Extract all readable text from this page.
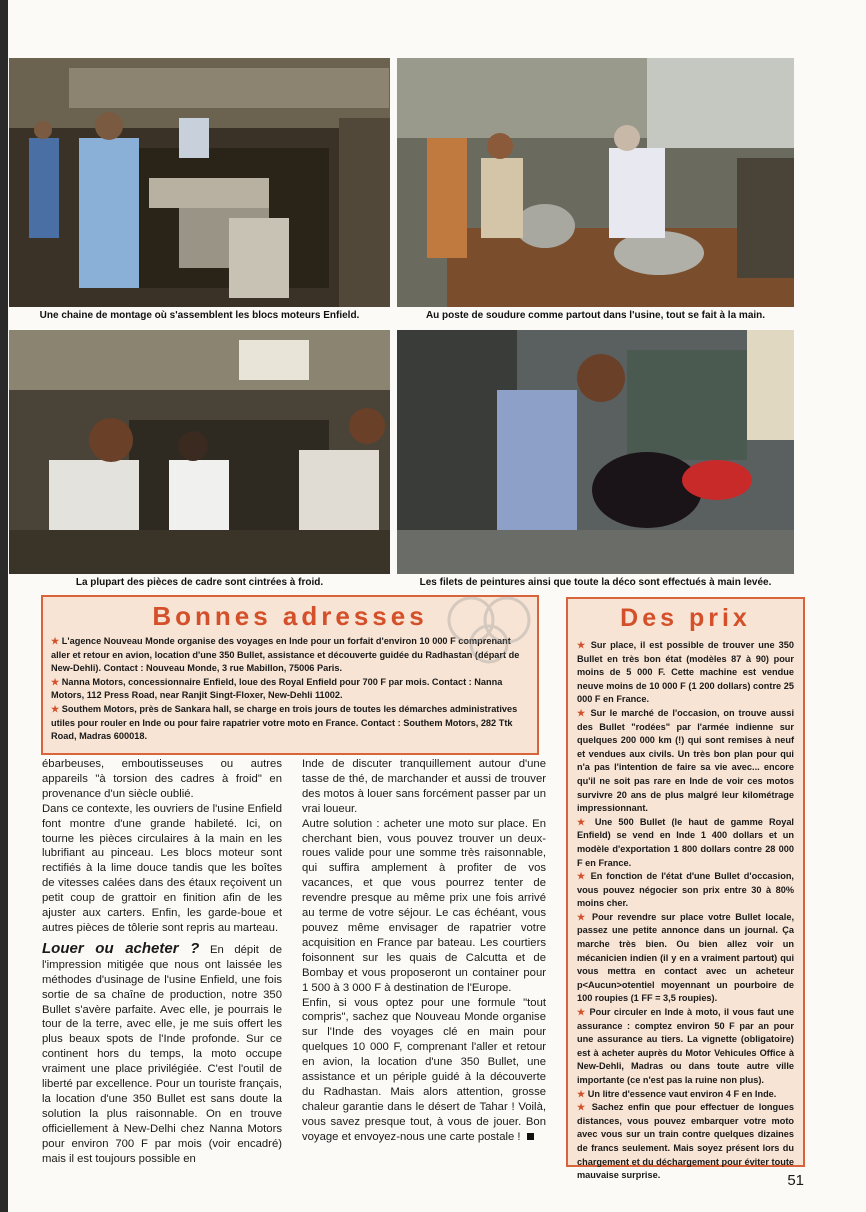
Une chaine de montage où s'assemblent les blocs moteurs Enfield.	Au poste de soudure comme partout dans l'usine, tout se fait à la main.
La plupart des pièces de cadre sont cintrées à froid.	Les filets de peintures ainsi que toute la déco sont effectués à main levée.
Bonnes adresses
★ L'agence Nouveau Monde organise des voyages en Inde pour un forfait d'environ 10 000 F comprenant aller et retour en avion, location d'une 350 Bullet, assistance et découverte guidée du Radhastan (départ de New-Dehli). Contact : Nouveau Monde, 3 rue Mabillon, 75006 Paris.
★ Nanna Motors, concessionnaire Enfield, loue des Royal Enfield pour 700 F par mois. Contact : Nanna Motors, 112 Press Road, near Ranjit Singt-Floxer, New-Dehli 11002.
★ Southem Motors, près de Sankara hall, se charge en trois jours de toutes les démarches administratives utiles pour rouler en Inde ou pour faire rapatrier votre moto en France. Contact : Southem Motors, 282 Ttk Road, Madras 600018.
Des prix
★ Sur place, il est possible de trouver une 350 Bullet en très bon état (modèles 87 à 90) pour moins de 5 000 F. Cette machine est vendue neuve moins de 10 000 F (1 200 dollars) contre 25 000 F en France.
★ Sur le marché de l'occasion, on trouve aussi des Bullet "rodées" par l'armée indienne sur quelques 200 000 km (!) qui sont remises à neuf et vendues aux civils. Un très bon plan pour qui n'a pas l'intention de faire sa vie avec... encore qu'il ne soit pas rare en Inde de voir ces motos survivre 20 ans de plus malgré leur kilométrage impressionnant.
★ Une 500 Bullet (le haut de gamme Royal Enfield) se vend en Inde 1 400 dollars et un modèle d'exportation 1 800 dollars contre 28 000 F en France.
★ En fonction de l'état d'une Bullet d'occasion, vous pouvez négocier son prix entre 30 à 80% moins cher.
★ Pour revendre sur place votre Bullet locale, passez une petite annonce dans un journal. Ça marche très bien. Ou bien allez voir un mécanicien indien (il y en a vraiment partout) qui vous mettra en contact avec un acheteur p<Aucun>otentiel moyennant un pourboire de 100 roupies (1 FF = 3,5 roupies).
★ Pour circuler en Inde à moto, il vous faut une assurance : comptez environ 50 F par an pour une assurance au tiers. La vignette (obligatoire) est à acheter auprès du Motor Vehicules Office à New-Dehli, Madras ou dans toute autre ville importante (ce n'est pas la ruine non plus).
★ Un litre d'essence vaut environ 4 F en Inde.
★ Sachez enfin que pour effectuer de longues distances, vous pouvez embarquer votre moto avec vous sur un train contre quelques dizaines de francs seulement. Mais soyez présent lors du chargement et du déchargement pour éviter toute mauvaise surprise.

ébarbeuses, emboutisseuses ou autres appareils "à torsion des cadres à froid" en provenance d'un siècle oublié.

Dans ce contexte, les ouvriers de l'usine Enfield font montre d'une grande habileté. Ici, on tourne les pièces circulaires à la main en les lubrifiant au pinceau. Les blocs moteur sont rectifiés à la lime douce tandis que les boîtes de vitesses calées dans des étaux reçoivent un petit coup de grattoir en finition afin de les ajuster aux carters. Enfin, les garde-boue et autres pièces de tôlerie sont repris au marteau.

Louer ou acheter ? En dépit de l'impression mitigée que nous ont laissée les méthodes d'usinage de l'usine Enfield, une fois sortie de sa chaîne de production, notre 350 Bullet s'avère parfaite. Avec elle, je pourrais le tour de la terre, avec elle, je me suis offert les plus beaux spots de l'Inde profonde. Sur ce continent hors du temps, la moto occupe vraiment une place privilégiée. C'est l'outil de liberté par excellence. Pour un touriste français, la location d'une 350 Bullet est sans doute la solution la plus raisonnable. On en trouve officiellement à New-Delhi chez Nanna Motors pour environ 700 F par mois (voir encadré) mais il est toujours possible en

Inde de discuter tranquillement autour d'une tasse de thé, de marchander et aussi de trouver des motos à louer sans forcément passer par un vrai loueur.

Autre solution : acheter une moto sur place. En cherchant bien, vous pouvez trouver un deux-roues valide pour une somme très raisonnable, qui suffira amplement à profiter de vos vacances, et que vous pourrez tenter de revendre presque au même prix une fois arrivé au terme de votre séjour. Le cas échéant, vous pouvez même envisager de rapatrier votre acquisition en France par bateau. Les courtiers foisonnent sur les quais de Calcutta et de Bombay et vous proposeront un container pour 1 500 à 3 000 F à destination de l'Europe.

Enfin, si vous optez pour une formule "tout compris", sachez que Nouveau Monde organise sur l'Inde des voyages clé en main pour quelques 10 000 F, comprenant l'aller et retour en avion, la location d'une 350 Bullet, une assistance et un périple guidé à la découverte du Radhastan. Mais alors attention, grosse chaleur garantie dans le désert de Tahar ! Voilà, vous savez presque tout, à vous de jouer. Bon voyage et envoyez-nous une carte postale !

51
